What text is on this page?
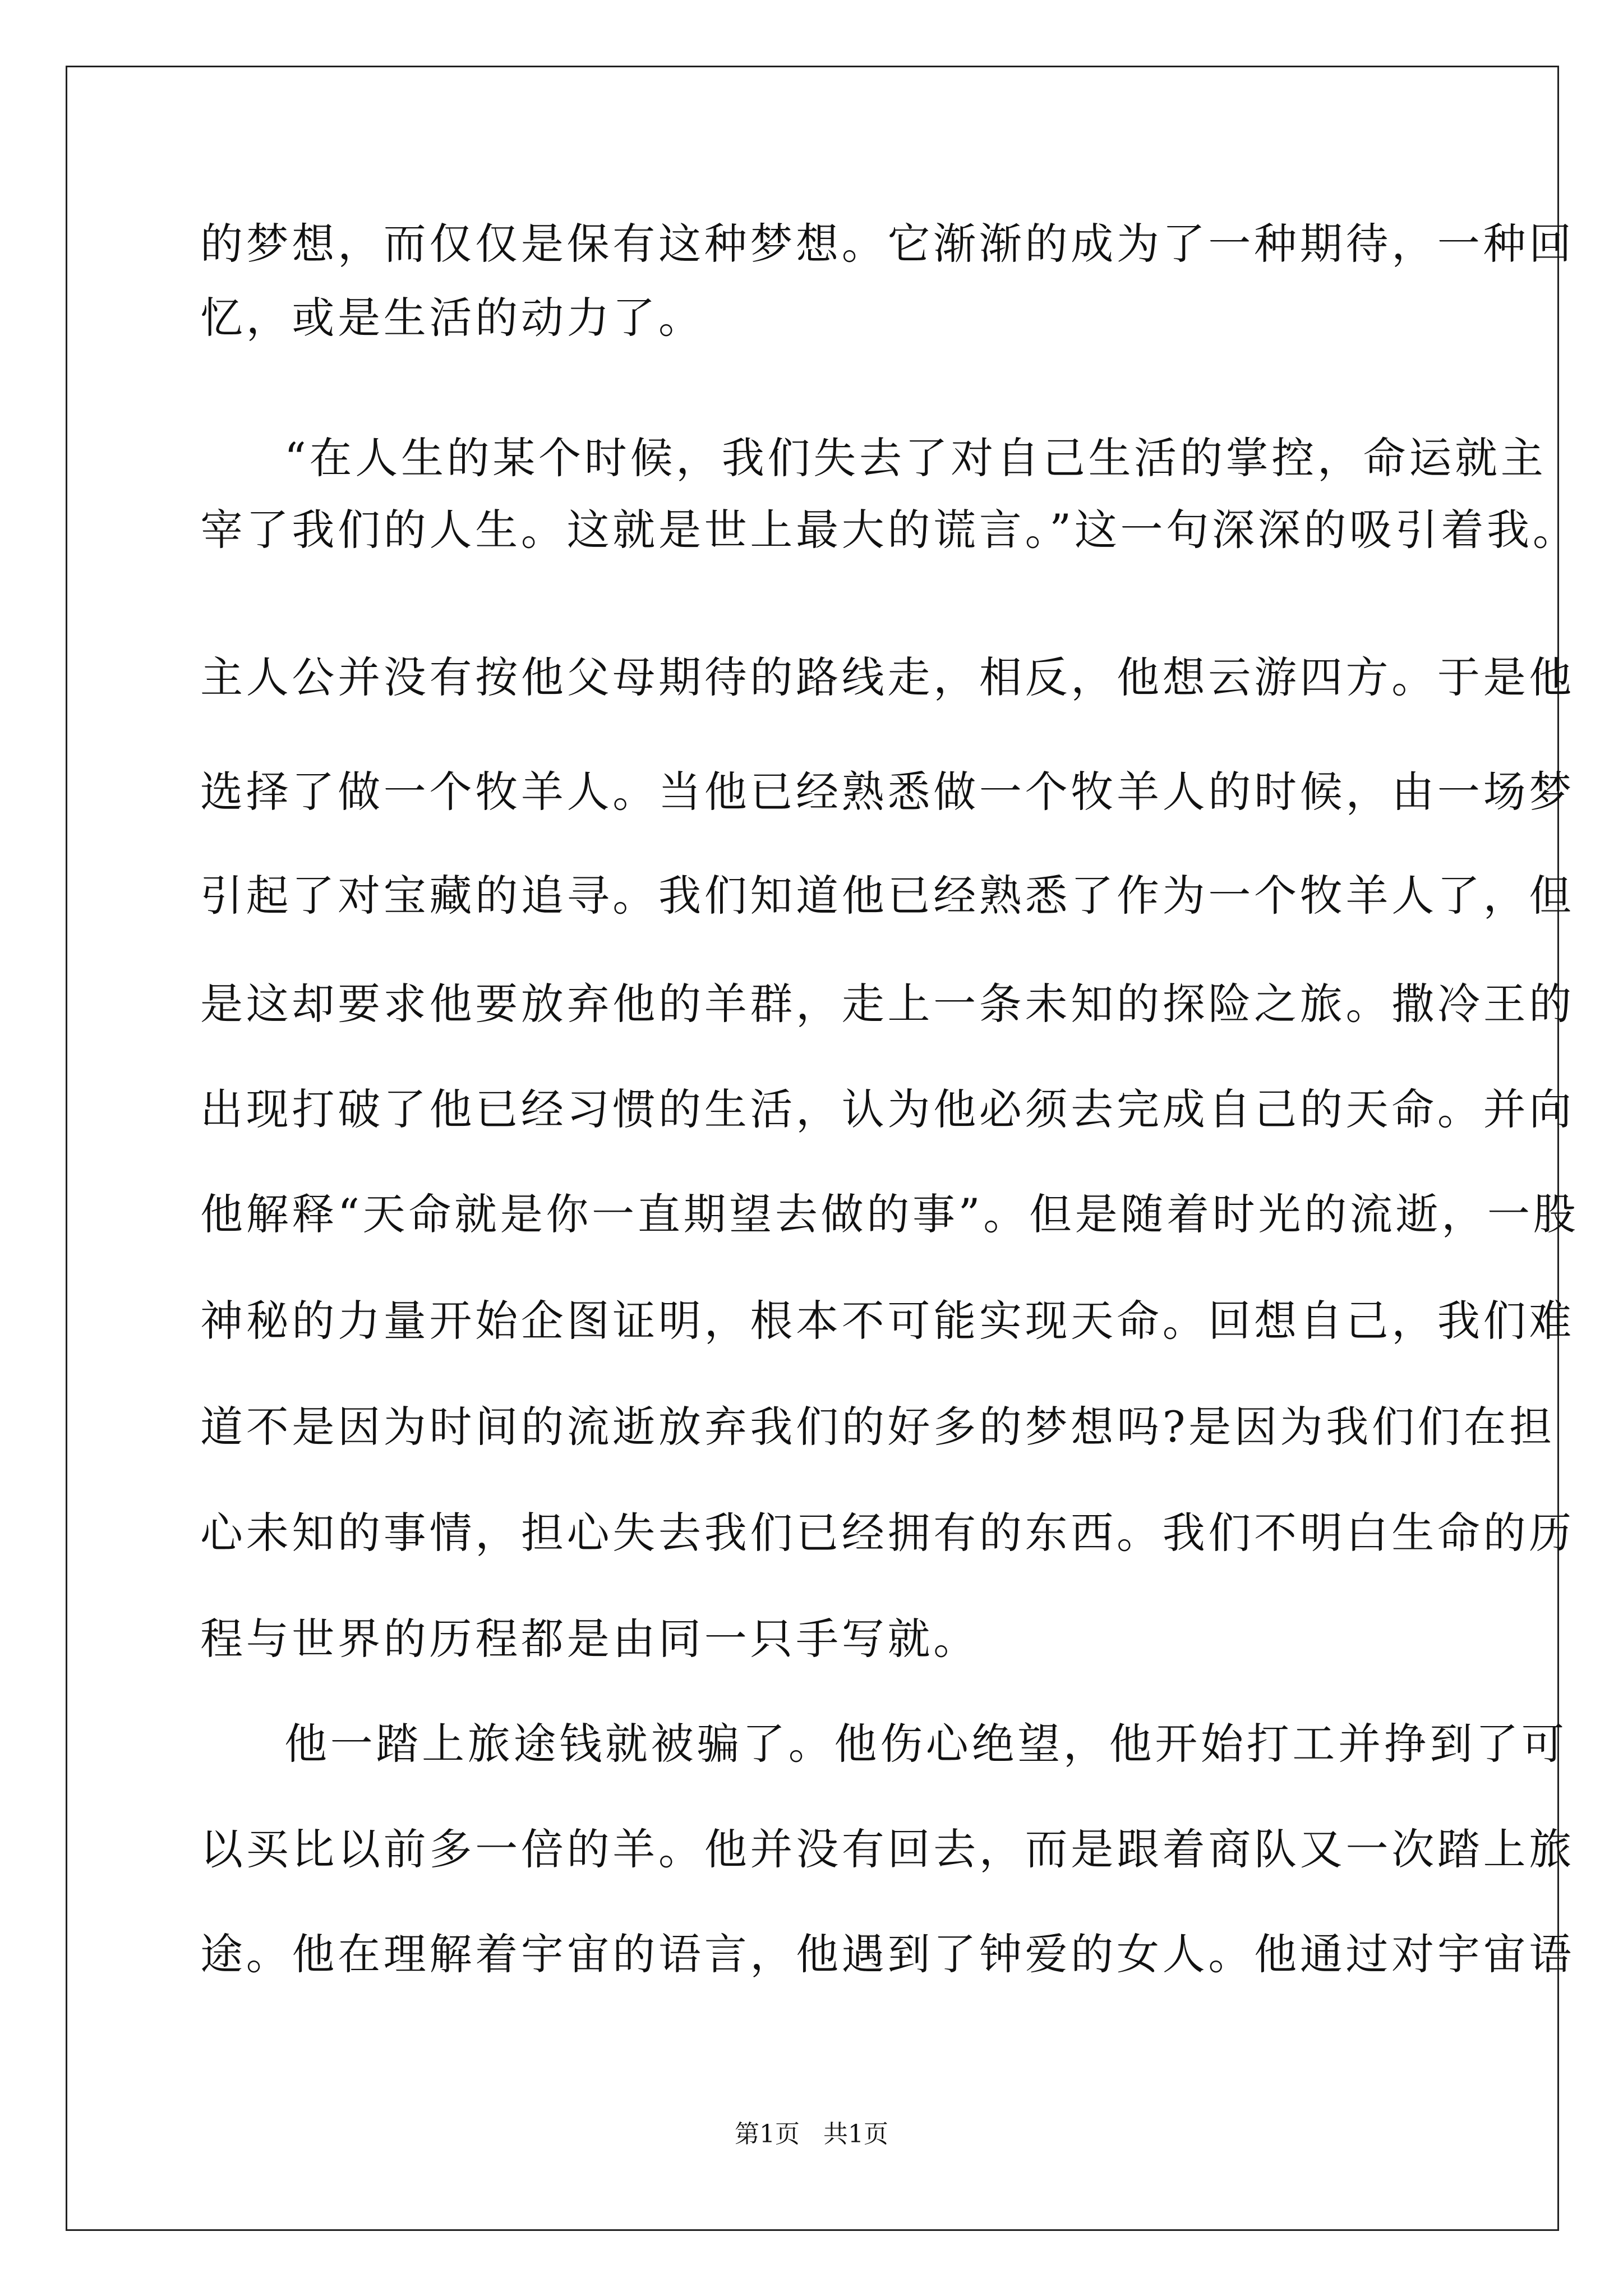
的梦想，而仅仅是保有这种梦想。它渐渐的成为了一种期待，一种回

忆，或是生活的动力了。

“在人生的某个时候，我们失去了对自己生活的掌控，命运就主

宰了我们的人生。这就是世上最大的谎言。”这一句深深的吸引着我。

主人公并没有按他父母期待的路线走，相反，他想云游四方。于是他

选择了做一个牧羊人。当他已经熟悉做一个牧羊人的时候，由一场梦

引起了对宝藏的追寻。我们知道他已经熟悉了作为一个牧羊人了，但

是这却要求他要放弃他的羊群，走上一条未知的探险之旅。撒冷王的

出现打破了他已经习惯的生活，认为他必须去完成自己的天命。并向

他解释“天命就是你一直期望去做的事”。但是随着时光的流逝，一股

神秘的力量开始企图证明，根本不可能实现天命。回想自己，我们难

道不是因为时间的流逝放弃我们的好多的梦想吗?是因为我们们在担

心未知的事情，担心失去我们已经拥有的东西。我们不明白生命的历

程与世界的历程都是由同一只手写就。

他一踏上旅途钱就被骗了。他伤心绝望，他开始打工并挣到了可

以买比以前多一倍的羊。他并没有回去，而是跟着商队又一次踏上旅

途。他在理解着宇宙的语言，他遇到了钟爱的女人。他通过对宇宙语

第1页   共1页
